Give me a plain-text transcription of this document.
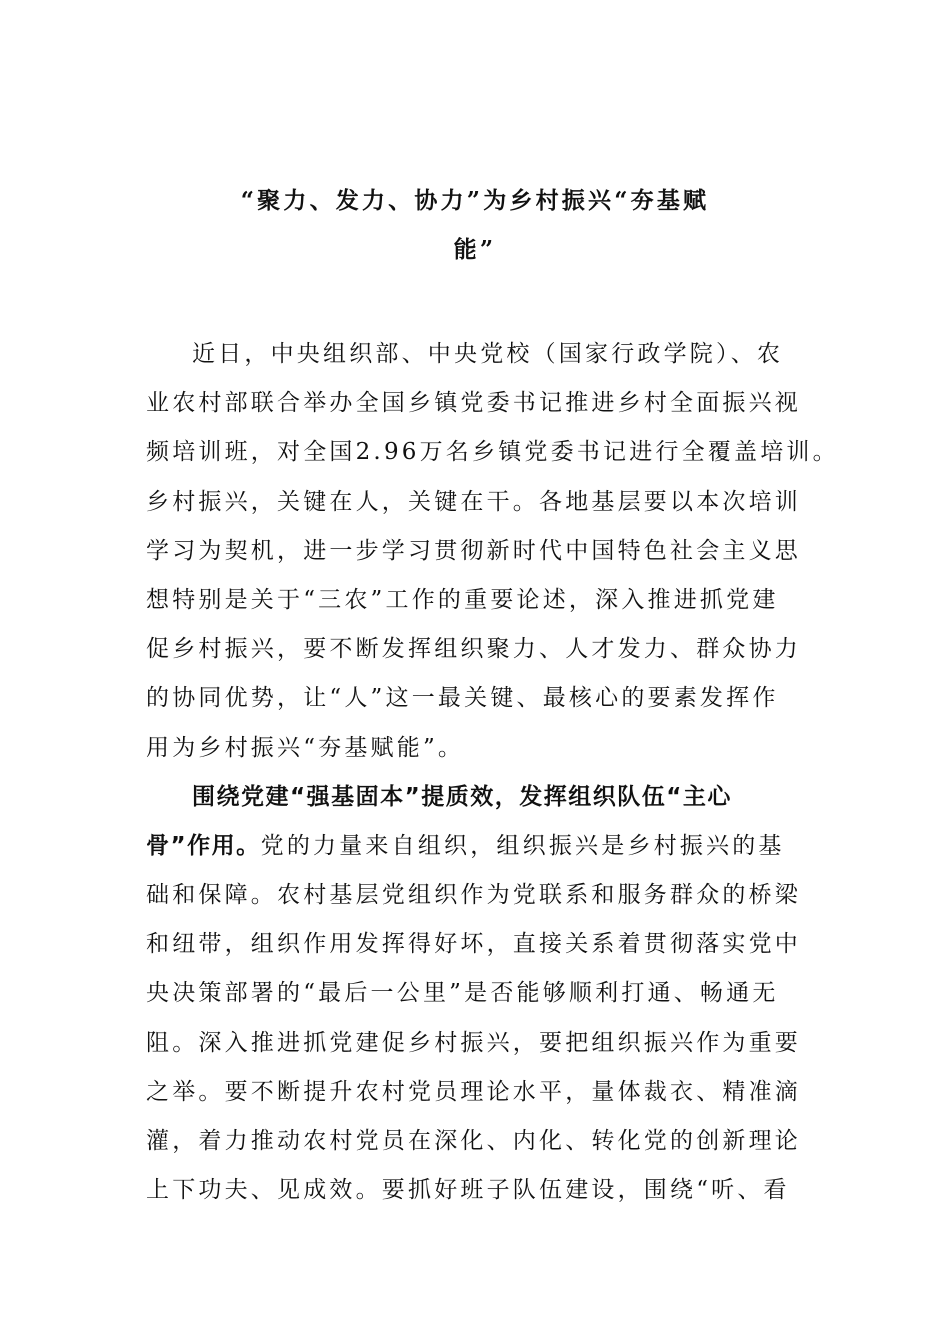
“聚力、发力、协力”为乡村振兴“夯基赋
能”
近日，中央组织部、中央党校（国家行政学院）、农
业农村部联合举办全国乡镇党委书记推进乡村全面振兴视
频培训班，对全国2.96万名乡镇党委书记进行全覆盖培训。
乡村振兴，关键在人，关键在干。各地基层要以本次培训
学习为契机，进一步学习贯彻新时代中国特色社会主义思
想特别是关于“三农”工作的重要论述，深入推进抓党建
促乡村振兴，要不断发挥组织聚力、人才发力、群众协力
的协同优势，让“人”这一最关键、最核心的要素发挥作
用为乡村振兴“夯基赋能”。
围绕党建“强基固本”提质效，发挥组织队伍“主心
骨”作用。党的力量来自组织，组织振兴是乡村振兴的基
础和保障。农村基层党组织作为党联系和服务群众的桥梁
和纽带，组织作用发挥得好坏，直接关系着贯彻落实党中
央决策部署的“最后一公里”是否能够顺利打通、畅通无
阻。深入推进抓党建促乡村振兴，要把组织振兴作为重要
之举。要不断提升农村党员理论水平，量体裁衣、精准滴
灌，着力推动农村党员在深化、内化、转化党的创新理论
上下功夫、见成效。要抓好班子队伍建设，围绕“听、看
